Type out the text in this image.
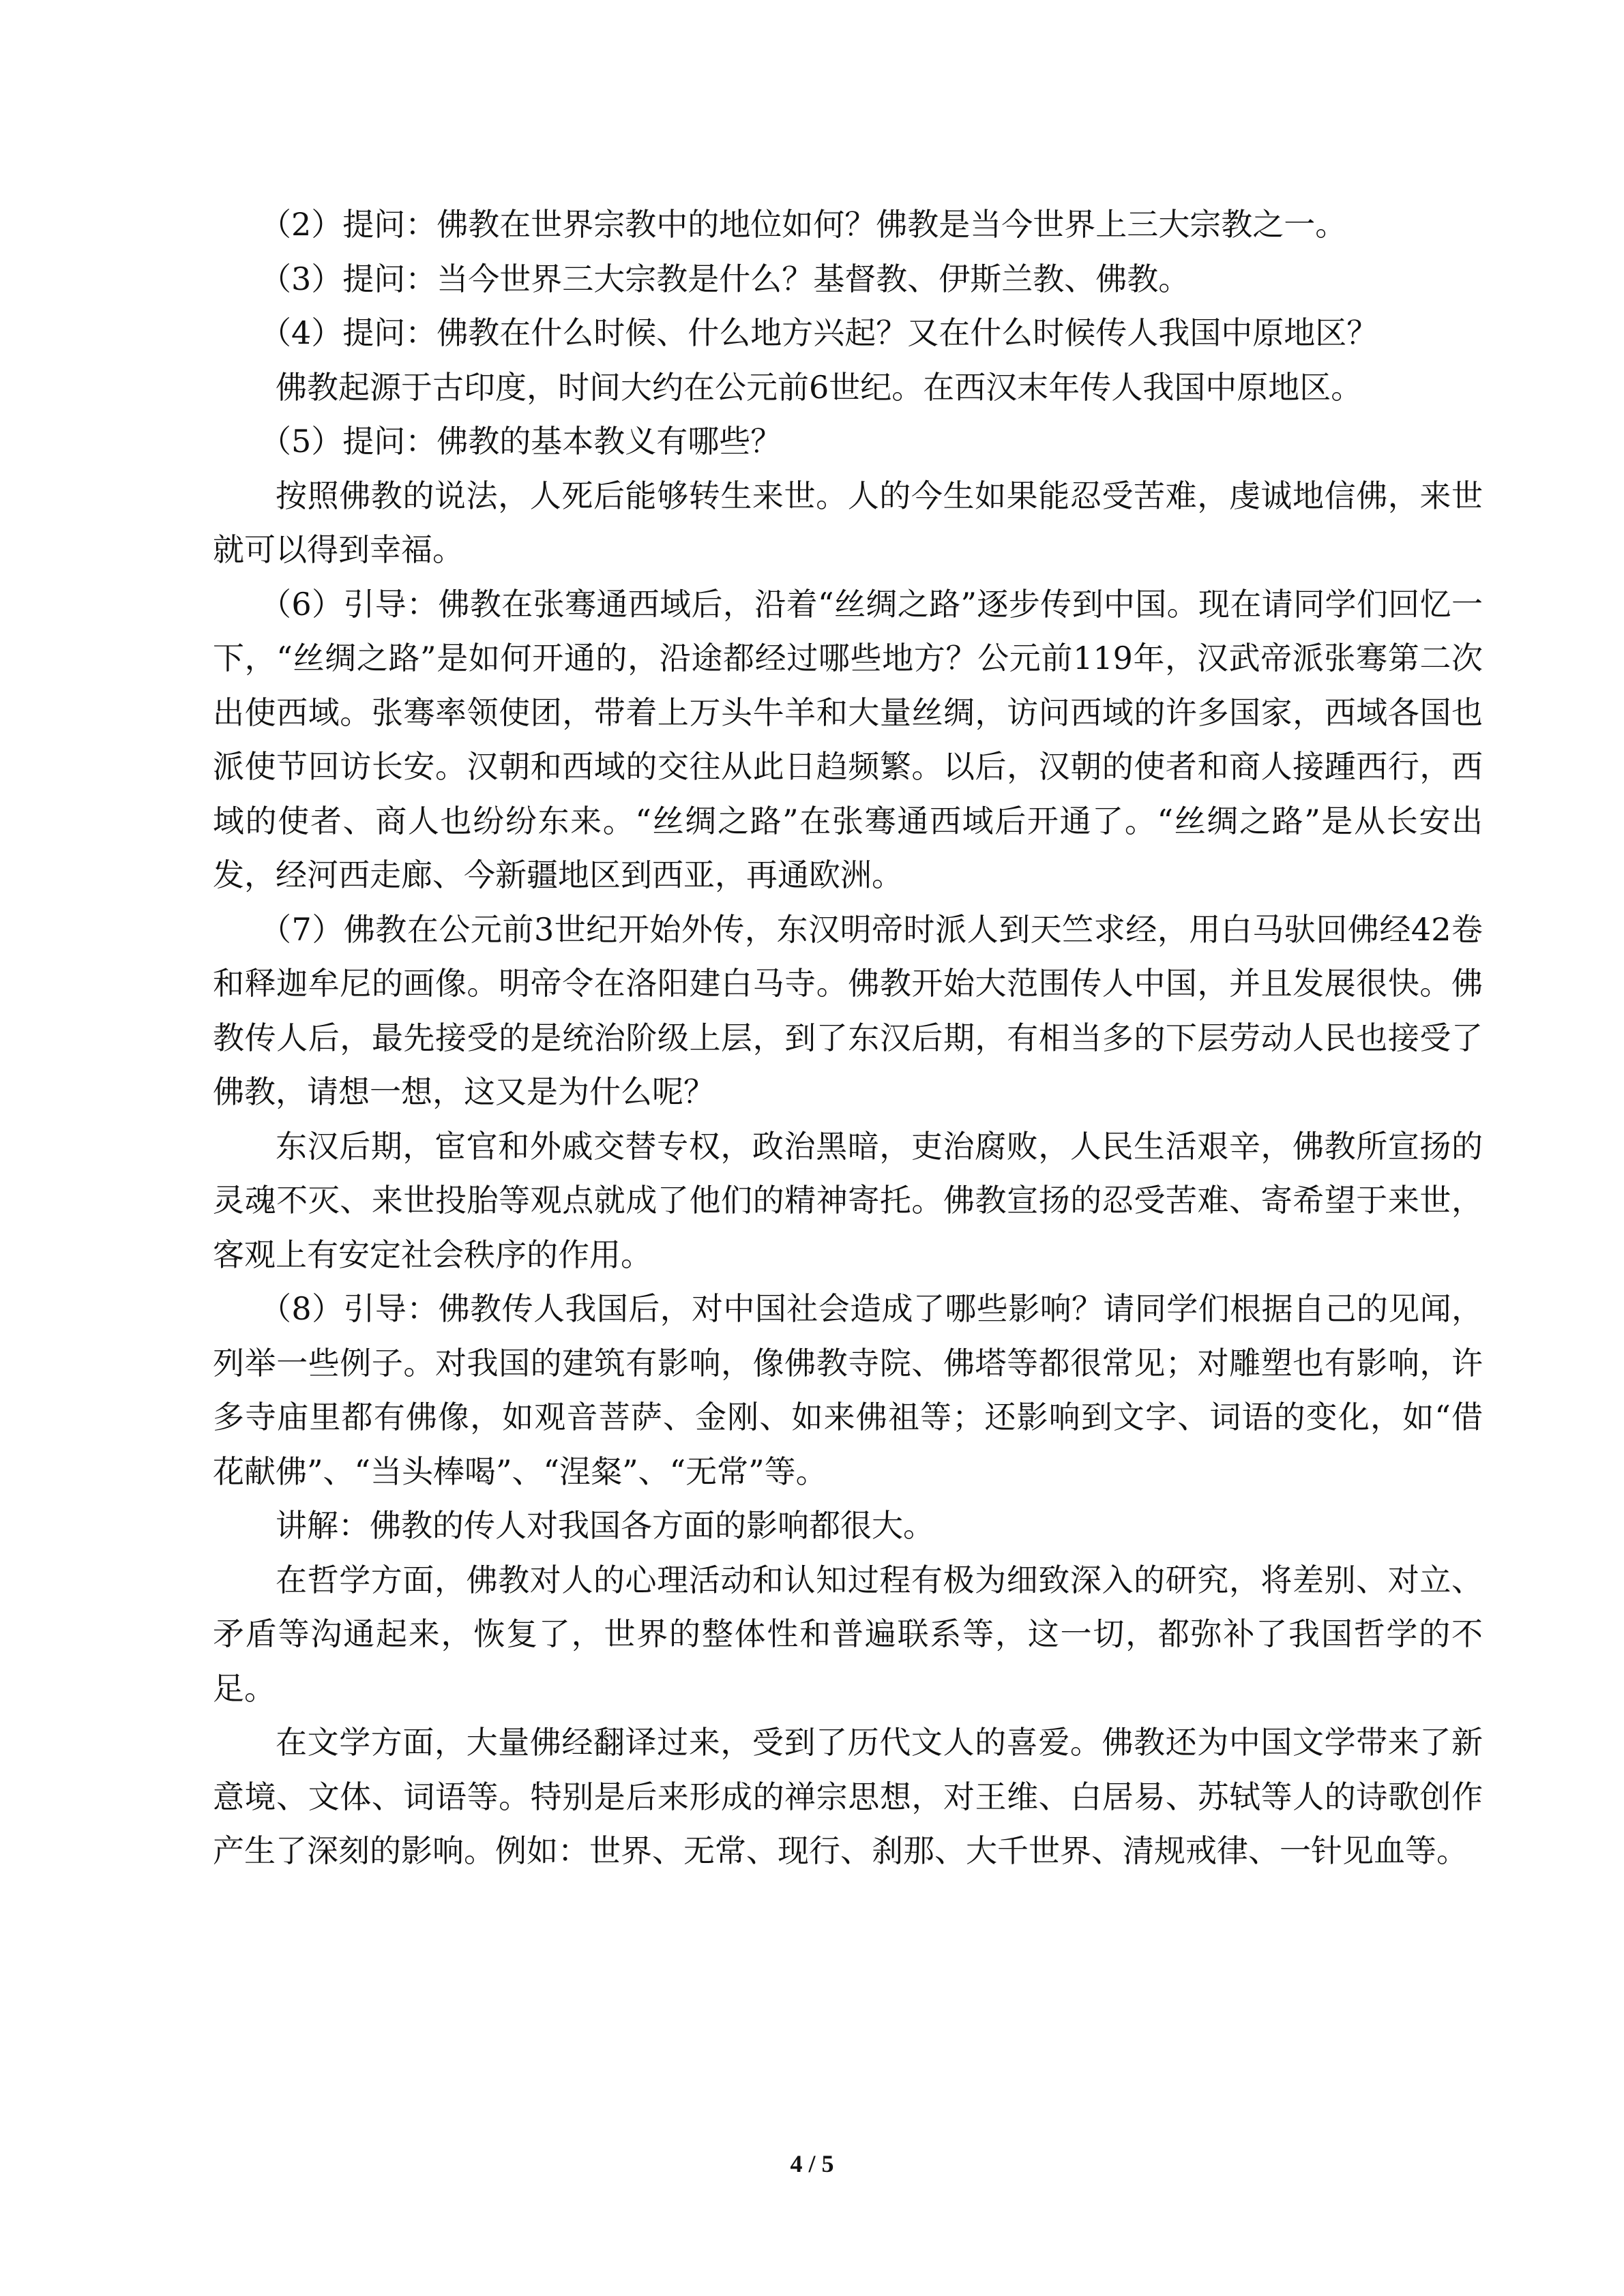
（2）提问：佛教在世界宗教中的地位如何？佛教是当今世界上三大宗教之一。

（3）提问：当今世界三大宗教是什么？基督教、伊斯兰教、佛教。

（4）提问：佛教在什么时候、什么地方兴起？又在什么时候传人我国中原地区？

佛教起源于古印度，时间大约在公元前6世纪。在西汉末年传人我国中原地区。

（5）提问：佛教的基本教义有哪些？

按照佛教的说法，人死后能够转生来世。人的今生如果能忍受苦难，虔诚地信佛，来世就可以得到幸福。

（6）引导：佛教在张骞通西域后，沿着“丝绸之路”逐步传到中国。现在请同学们回忆一下，“丝绸之路”是如何开通的，沿途都经过哪些地方？公元前119年，汉武帝派张骞第二次出使西域。张骞率领使团，带着上万头牛羊和大量丝绸，访问西域的许多国家，西域各国也派使节回访长安。汉朝和西域的交往从此日趋频繁。以后，汉朝的使者和商人接踵西行，西域的使者、商人也纷纷东来。“丝绸之路”在张骞通西域后开通了。“丝绸之路”是从长安出发，经河西走廊、今新疆地区到西亚，再通欧洲。

（7）佛教在公元前3世纪开始外传，东汉明帝时派人到天竺求经，用白马驮回佛经42卷和释迦牟尼的画像。明帝令在洛阳建白马寺。佛教开始大范围传人中国，并且发展很快。佛教传人后，最先接受的是统治阶级上层，到了东汉后期，有相当多的下层劳动人民也接受了佛教，请想一想，这又是为什么呢？

东汉后期，宦官和外戚交替专权，政治黑暗，吏治腐败，人民生活艰辛，佛教所宣扬的灵魂不灭、来世投胎等观点就成了他们的精神寄托。佛教宣扬的忍受苦难、寄希望于来世，客观上有安定社会秩序的作用。

（8）引导：佛教传人我国后，对中国社会造成了哪些影响？请同学们根据自己的见闻，列举一些例子。对我国的建筑有影响，像佛教寺院、佛塔等都很常见；对雕塑也有影响，许多寺庙里都有佛像，如观音菩萨、金刚、如来佛祖等；还影响到文字、词语的变化，如“借花献佛”、“当头棒喝”、“涅粲”、“无常”等。

讲解：佛教的传人对我国各方面的影响都很大。

在哲学方面，佛教对人的心理活动和认知过程有极为细致深入的研究，将差别、对立、矛盾等沟通起来，恢复了，世界的整体性和普遍联系等，这一切，都弥补了我国哲学的不足。

在文学方面，大量佛经翻译过来，受到了历代文人的喜爱。佛教还为中国文学带来了新意境、文体、词语等。特别是后来形成的禅宗思想，对王维、白居易、苏轼等人的诗歌创作产生了深刻的影响。例如：世界、无常、现行、刹那、大千世界、清规戒律、一针见血等。

4 / 5
